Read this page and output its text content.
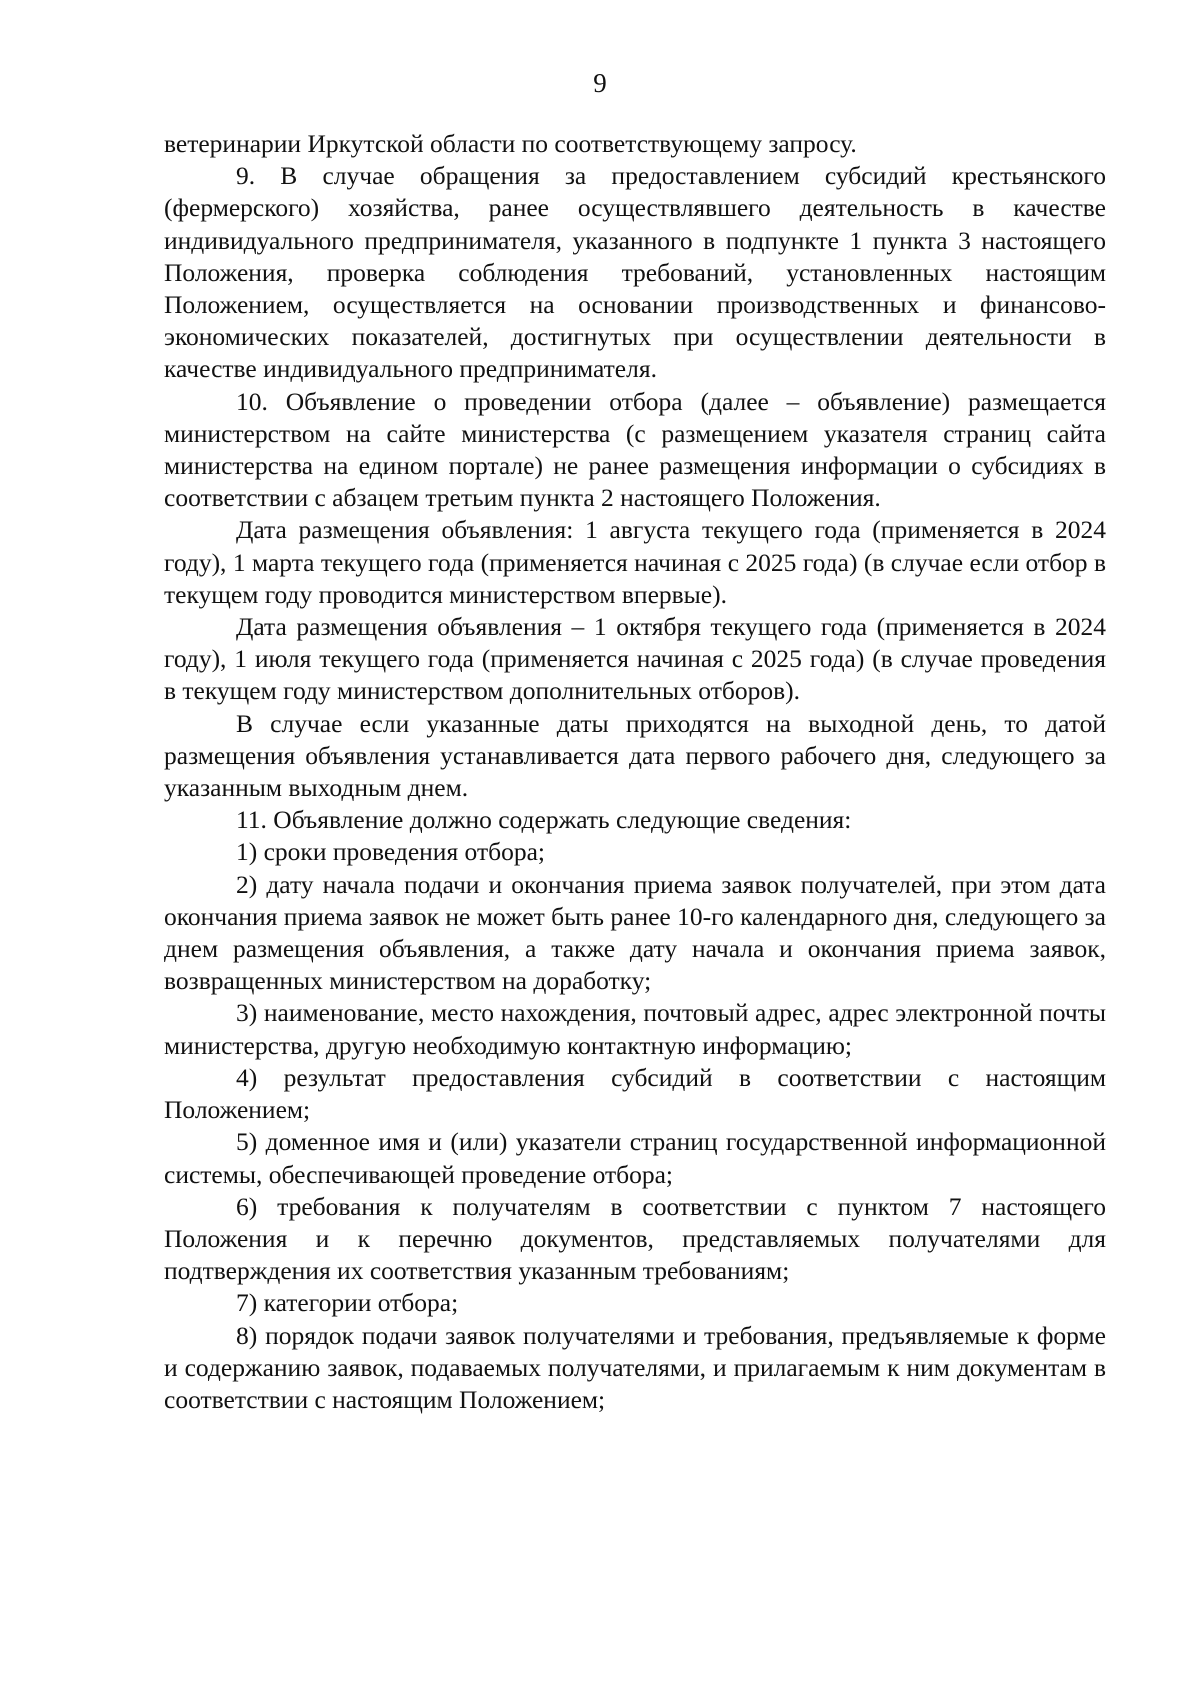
9

ветеринарии Иркутской области по соответствующему запросу.

9. В случае обращения за предоставлением субсидий крестьянского (фермерского) хозяйства, ранее осуществлявшего деятельность в качестве индивидуального предпринимателя, указанного в подпункте 1 пункта 3 настоящего Положения, проверка соблюдения требований, установленных настоящим Положением, осуществляется на основании производственных и финансово-экономических показателей, достигнутых при осуществлении деятельности в качестве индивидуального предпринимателя.

10. Объявление о проведении отбора (далее – объявление) размещается министерством на сайте министерства (с размещением указателя страниц сайта министерства на едином портале) не ранее размещения информации о субсидиях в соответствии с абзацем третьим пункта 2 настоящего Положения.

Дата размещения объявления: 1 августа текущего года (применяется в 2024 году), 1 марта текущего года (применяется начиная с 2025 года) (в случае если отбор в текущем году проводится министерством впервые).

Дата размещения объявления – 1 октября текущего года (применяется в 2024 году), 1 июля текущего года (применяется начиная с 2025 года) (в случае проведения в текущем году министерством дополнительных отборов).

В случае если указанные даты приходятся на выходной день, то датой размещения объявления устанавливается дата первого рабочего дня, следующего за указанным выходным днем.

11. Объявление должно содержать следующие сведения:

1) сроки проведения отбора;

2) дату начала подачи и окончания приема заявок получателей, при этом дата окончания приема заявок не может быть ранее 10-го календарного дня, следующего за днем размещения объявления, а также дату начала и окончания приема заявок, возвращенных министерством на доработку;

3) наименование, место нахождения, почтовый адрес, адрес электронной почты министерства, другую необходимую контактную информацию;

4) результат предоставления субсидий в соответствии с настоящим Положением;

5) доменное имя и (или) указатели страниц государственной информационной системы, обеспечивающей проведение отбора;

6) требования к получателям в соответствии с пунктом 7 настоящего Положения и к перечню документов, представляемых получателями для подтверждения их соответствия указанным требованиям;

7) категории отбора;

8) порядок подачи заявок получателями и требования, предъявляемые к форме и содержанию заявок, подаваемых получателями, и прилагаемым к ним документам в соответствии с настоящим Положением;
